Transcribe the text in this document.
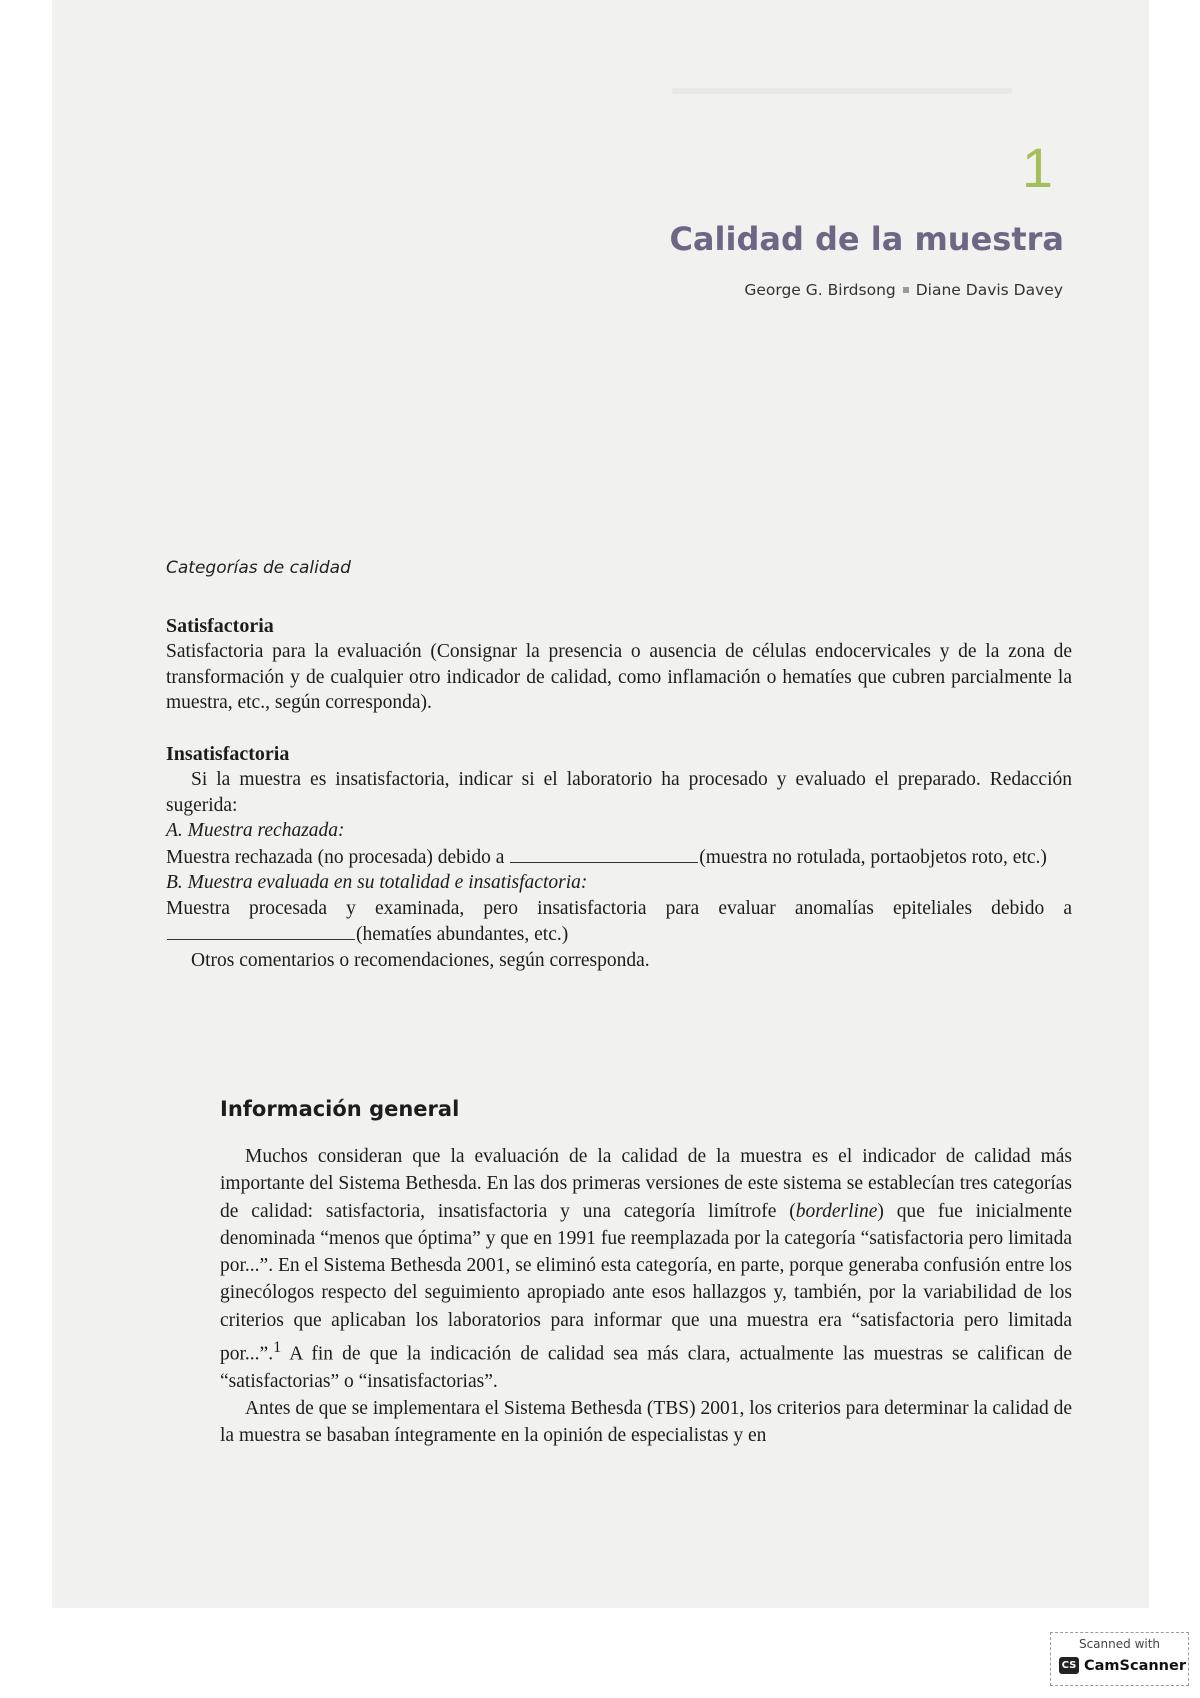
1
Calidad de la muestra
George G. Birdsong Diane Davis Davey
Categorías de calidad
Satisfactoria

Satisfactoria para la evaluación (Consignar la presencia o ausencia de células endocervicales y de la zona de transformación y de cualquier otro indicador de calidad, como inflamación o hematíes que cubren parcialmente la muestra, etc., según corresponda).

Insatisfactoria

Si la muestra es insatisfactoria, indicar si el laboratorio ha procesado y evaluado el preparado. Redacción sugerida:

A. Muestra rechazada:

Muestra rechazada (no procesada) debido a	(muestra no rotulada, portaobjetos roto, etc.)

B. Muestra evaluada en su totalidad e insatisfactoria:

Muestra procesada y examinada, pero insatisfactoria para evaluar anomalías epiteliales debido a (hematíes abundantes, etc.)

Otros comentarios o recomendaciones, según corresponda.

Información general

Muchos consideran que la evaluación de la calidad de la muestra es el indicador de calidad más importante del Sistema Bethesda. En las dos primeras versiones de este sistema se establecían tres categorías de calidad: satisfactoria, insatisfactoria y una categoría limítrofe (borderline) que fue inicialmente denominada “menos que óptima” y que en 1991 fue reemplazada por la categoría “satisfactoria pero limitada por...”. En el Sistema Bethesda 2001, se eliminó esta categoría, en parte, porque generaba confusión entre los ginecólogos respecto del seguimiento apropiado ante esos hallazgos y, también, por la variabilidad de los criterios que aplicaban los laboratorios para informar que una muestra era “satisfactoria pero limitada por...”.$^1$ A fin de que la indicación de calidad sea más clara, actualmente las muestras se califican de “satisfactorias” o “insatisfactorias”.

Antes de que se implementara el Sistema Bethesda (TBS) 2001, los criterios para determinar la calidad de la muestra se basaban íntegramente en la opinión de especialistas y en

Scanned with
CS CamScanner
